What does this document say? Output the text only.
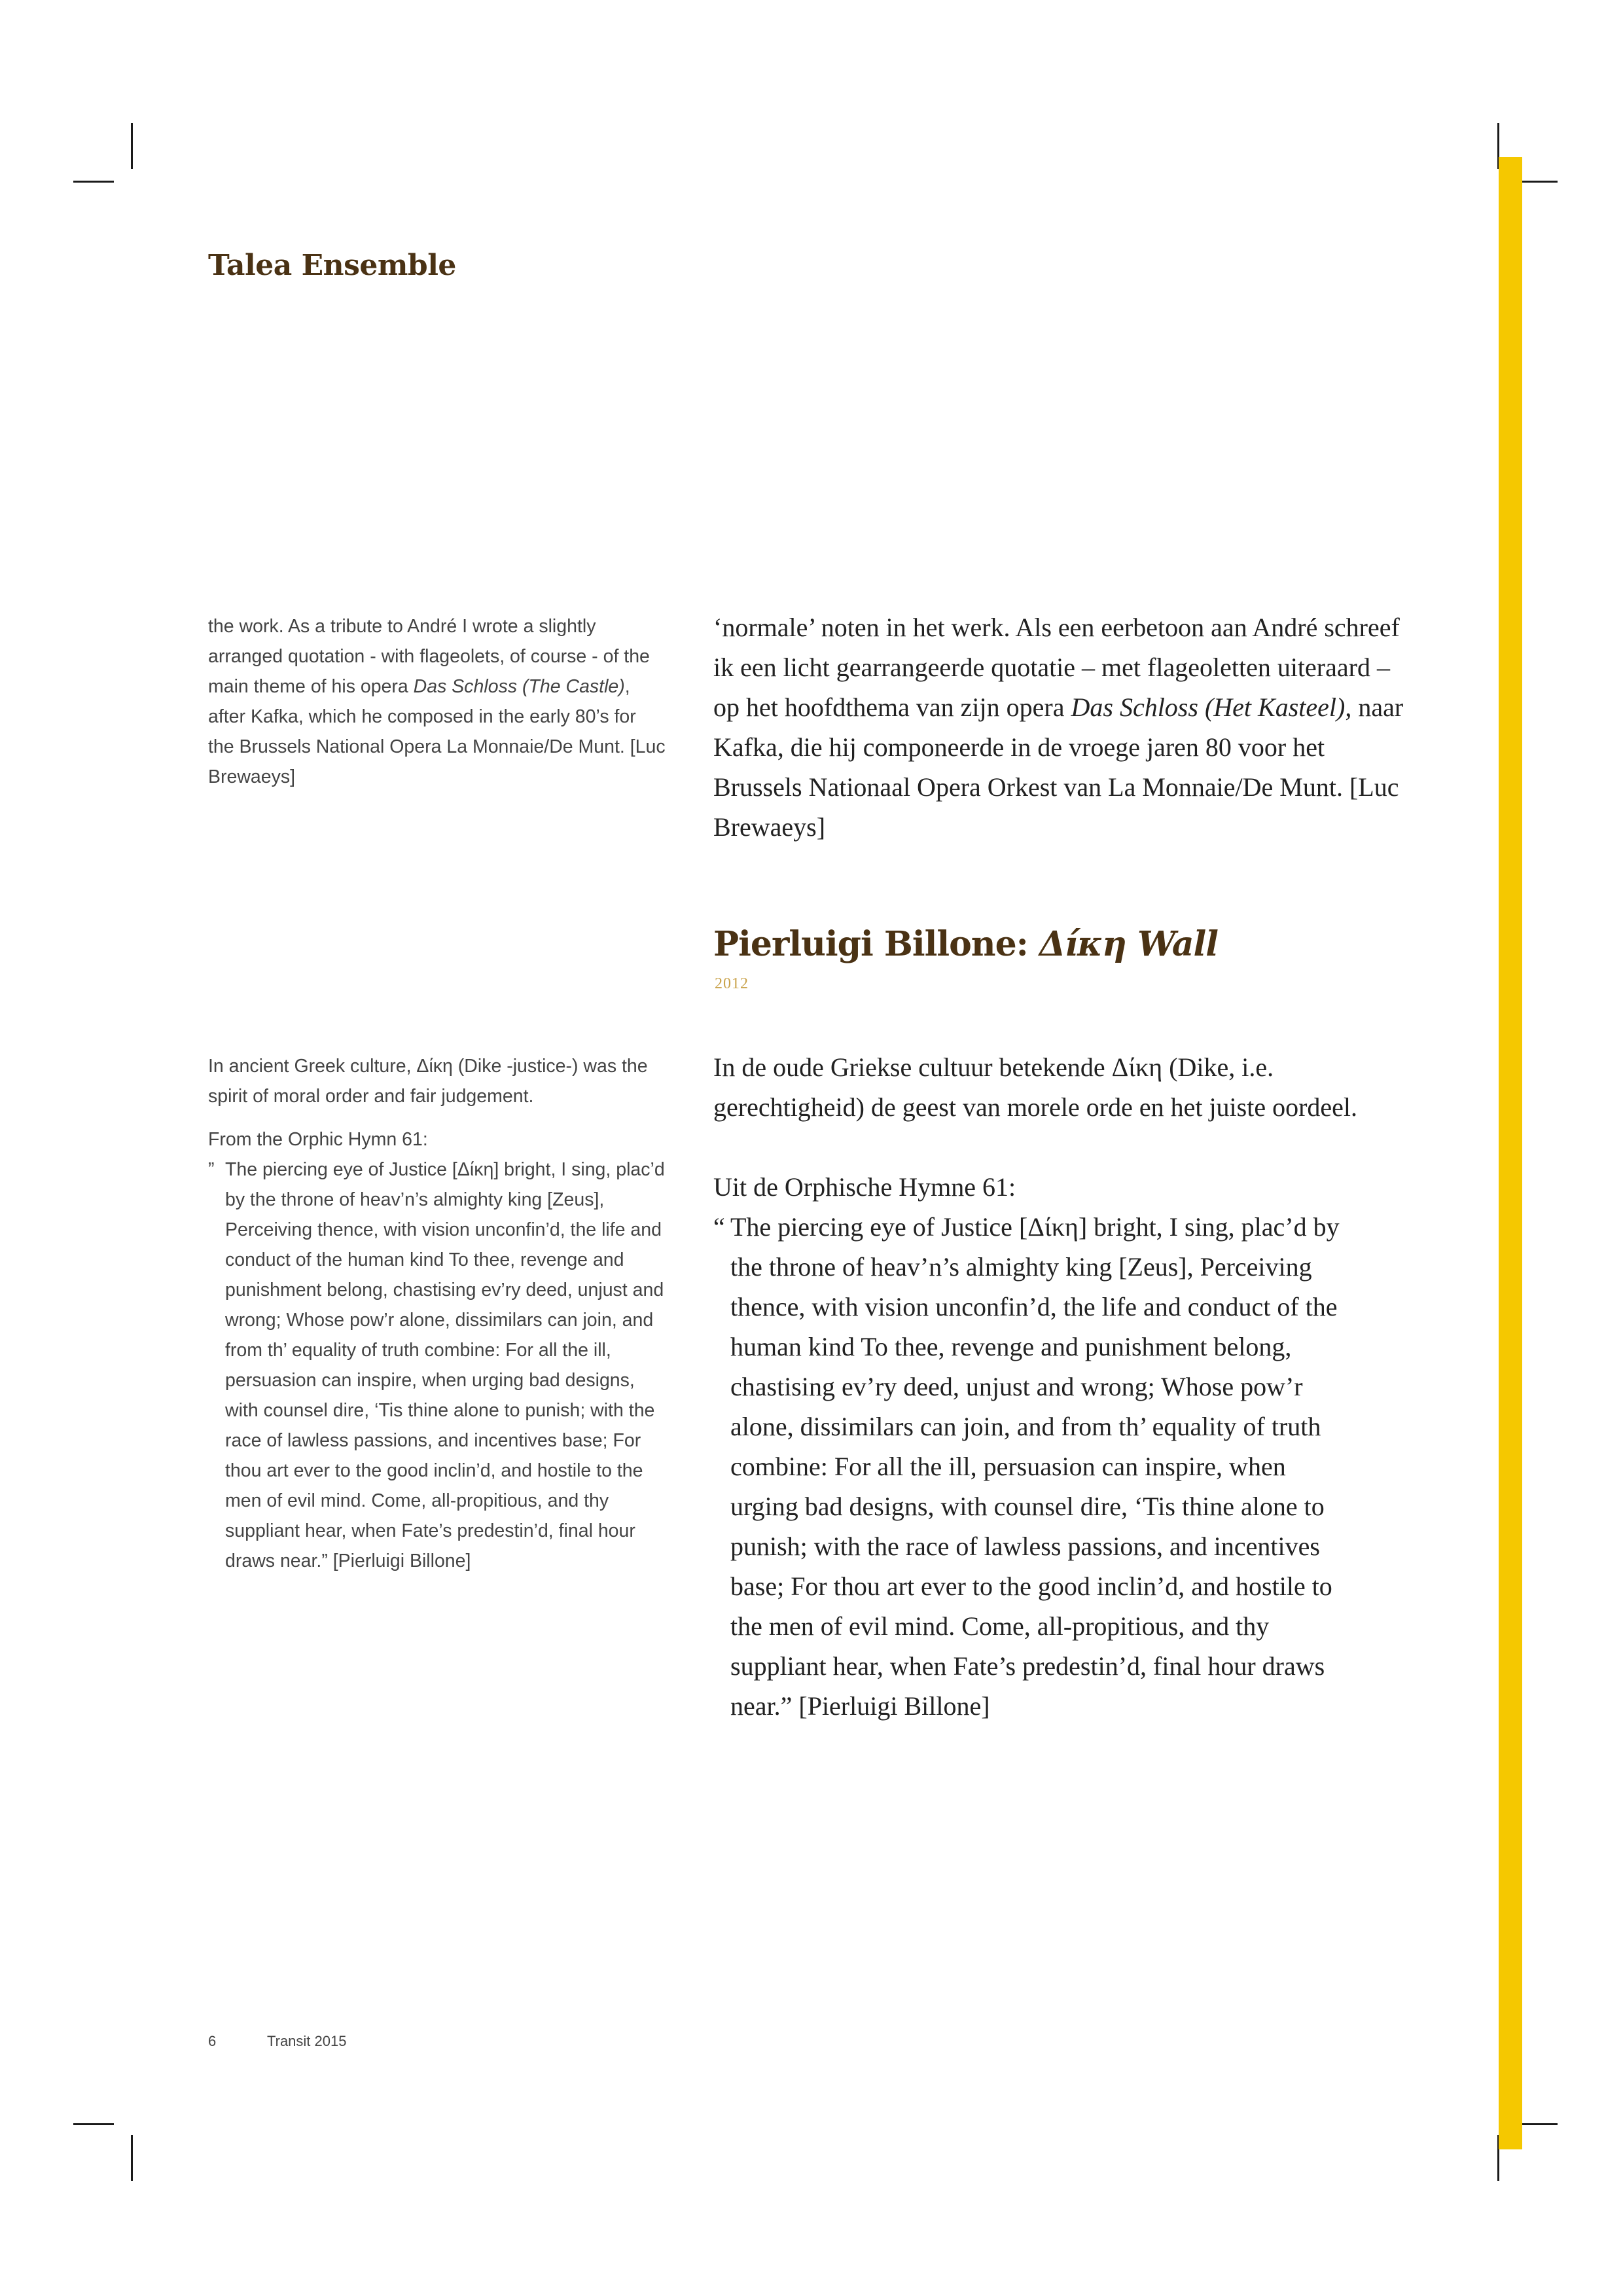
Talea Ensemble

the work. As a tribute to André I wrote a slightly arranged quotation - with flageolets, of course - of the main theme of his opera Das Schloss (The Castle), after Kafka, which he composed in the early 80’s for the Brussels National Opera La Monnaie/De Munt. [Luc Brewaeys]

‘normale’ noten in het werk. Als een eerbetoon aan André schreef ik een licht gearrangeerde quotatie – met flageoletten uiteraard – op het hoofdthema van zijn opera Das Schloss (Het Kasteel), naar Kafka, die hij componeerde in de vroege jaren 80 voor het Brussels Nationaal Opera Orkest van La Monnaie/De Munt. [Luc Brewaeys]

Pierluigi Billone: Δíκη Wall
2012

In ancient Greek culture, Δίκη (Dike -justice-) was the spirit of moral order and fair judgement.

From the Orphic Hymn 61:

” The piercing eye of Justice [Δίκη] bright, I sing, plac’d by the throne of heav’n’s almighty king [Zeus], Perceiving thence, with vision unconfin’d, the life and conduct of the human kind To thee, revenge and punishment belong, chastising ev’ry deed, unjust and wrong; Whose pow’r alone, dissimilars can join, and from th’ equality of truth combine: For all the ill, persuasion can inspire, when urging bad designs, with counsel dire, ‘Tis thine alone to punish; with the race of lawless passions, and incentives base; For thou art ever to the good inclin’d, and hostile to the men of evil mind. Come, all-propitious, and thy suppliant hear, when Fate’s predestin’d, final hour draws near.” [Pierluigi Billone]

In de oude Griekse cultuur betekende Δίκη (Dike, i.e. gerechtigheid) de geest van morele orde en het juiste oordeel.

Uit de Orphische Hymne 61:

“ The piercing eye of Justice [Δίκη] bright, I sing, plac’d by the throne of heav’n’s almighty king [Zeus], Perceiving thence, with vision unconfin’d, the life and conduct of the human kind To thee, revenge and punishment belong, chastising ev’ry deed, unjust and wrong; Whose pow’r alone, dissimilars can join, and from th’ equality of truth combine: For all the ill, persuasion can inspire, when urging bad designs, with counsel dire, ‘Tis thine alone to punish; with the race of lawless passions, and incentives base; For thou art ever to the good inclin’d, and hostile to the men of evil mind. Come, all-propitious, and thy suppliant hear, when Fate’s predestin’d, final hour draws near.” [Pierluigi Billone]
6	Transit 2015
